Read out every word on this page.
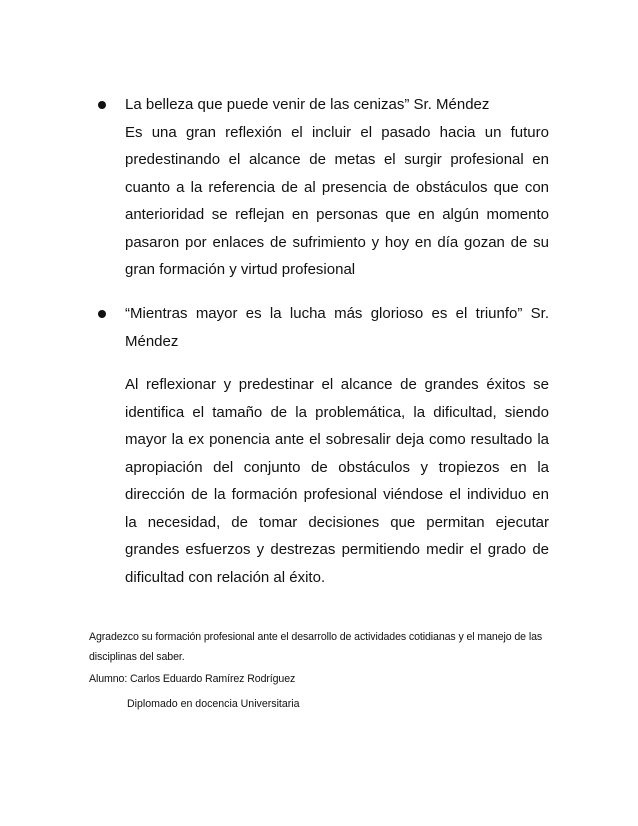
La belleza que puede venir de las cenizas” Sr. Méndez
Es una gran reflexión el incluir el pasado hacia un futuro predestinando el alcance de metas el surgir profesional en cuanto a la referencia de al presencia de obstáculos que con anterioridad se reflejan en personas que en algún momento pasaron por enlaces de sufrimiento y hoy en día gozan de su gran formación y virtud profesional
“Mientras mayor es la lucha más glorioso es el triunfo” Sr. Méndez
Al reflexionar y predestinar el alcance de grandes éxitos se identifica el tamaño de la problemática, la dificultad, siendo mayor la ex ponencia ante el sobresalir deja como resultado la apropiación del conjunto de obstáculos y tropiezos en la dirección de la formación profesional viéndose el individuo en la necesidad, de tomar decisiones que permitan ejecutar grandes esfuerzos y destrezas permitiendo medir el grado de dificultad con relación al éxito.
Agradezco su formación profesional ante el desarrollo de actividades cotidianas y el manejo de las disciplinas del saber.
Alumno: Carlos Eduardo Ramírez Rodríguez
Diplomado en docencia Universitaria
